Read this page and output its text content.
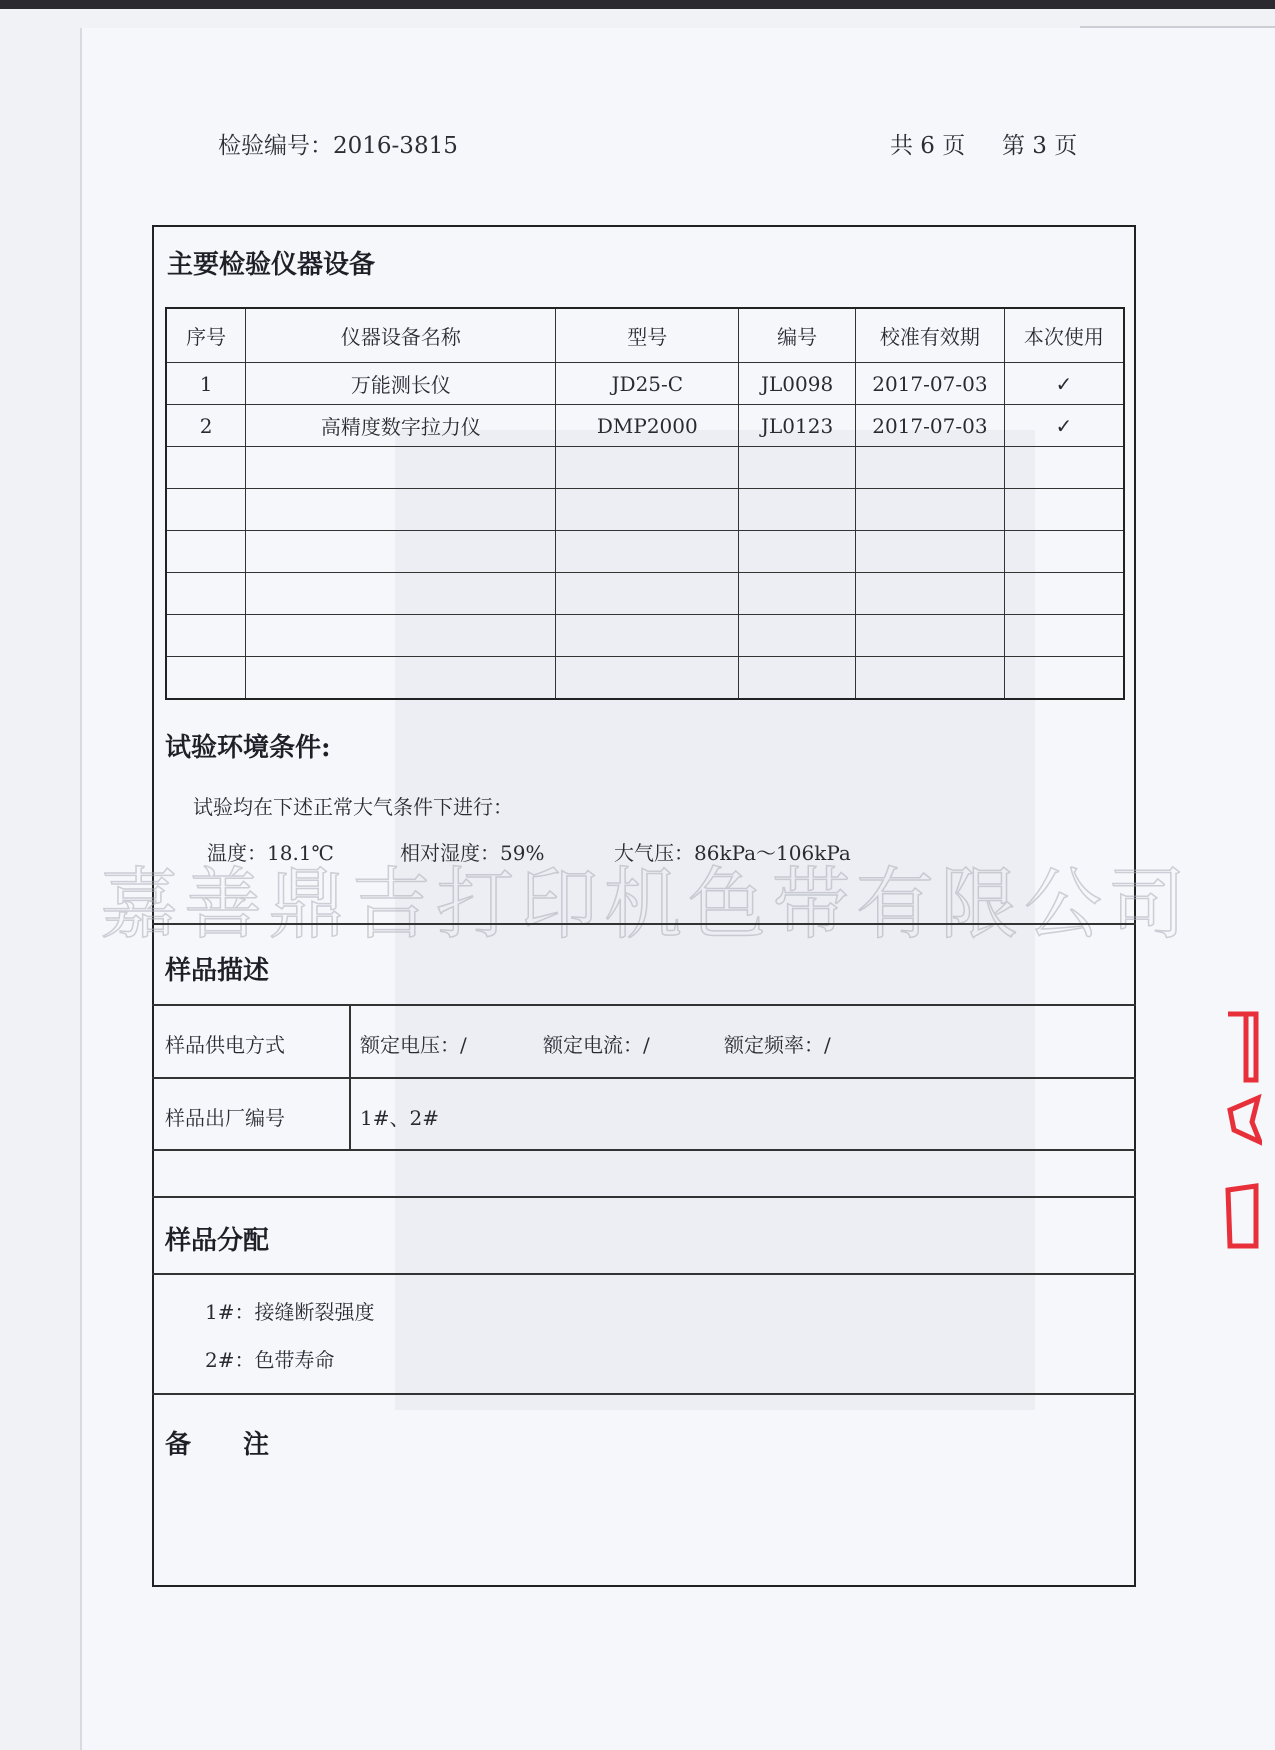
检验编号：2016-3815	共 6 页 第 3 页
主要检验仪器设备
序号	仪器设备名称	型号	编号	校准有效期	本次使用
1	万能测长仪	JD25-C	JL0098	2017-07-03	✓
2	高精度数字拉力仪	DMP2000	JL0123	2017-07-03	✓

试验环境条件:
试验均在下述正常大气条件下进行：
温度：18.1℃	相对湿度：59%	大气压：86kPa～106kPa
嘉善鼎吉打印机色带有限公司
样品描述
样品供电方式	额定电压：/	额定电流：/	额定频率：/
样品出厂编号	1#、2#
样品分配
1#：接缝断裂强度
2#：色带寿命
备　　注
